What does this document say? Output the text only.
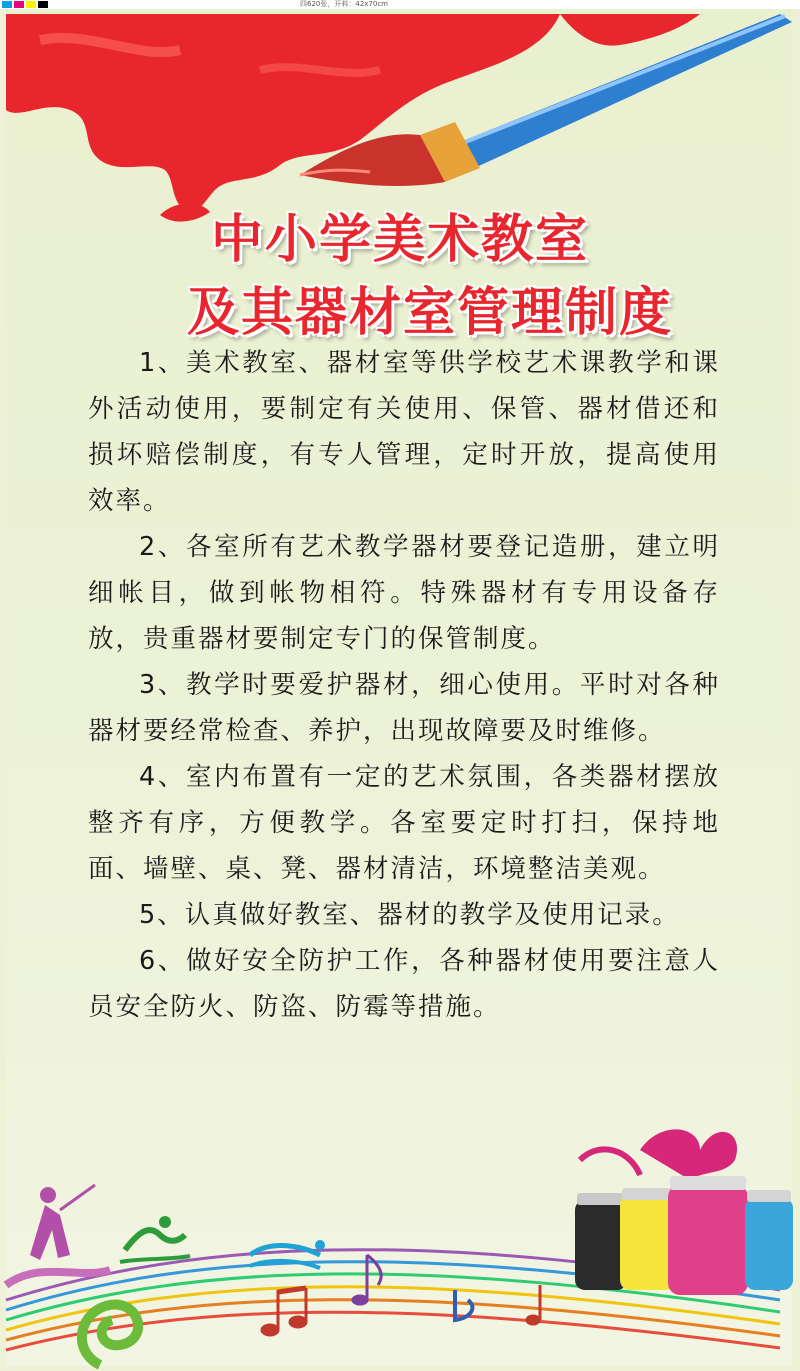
四620张，开料：42x70cm
中小学美术教室
及其器材室管理制度

1、美术教室、器材室等供学校艺术课教学和课外活动使用，要制定有关使用、保管、器材借还和损坏赔偿制度，有专人管理，定时开放，提高使用效率。

2、各室所有艺术教学器材要登记造册，建立明细帐目，做到帐物相符。特殊器材有专用设备存放，贵重器材要制定专门的保管制度。

3、教学时要爱护器材，细心使用。平时对各种器材要经常检查、养护，出现故障要及时维修。

4、室内布置有一定的艺术氛围，各类器材摆放整齐有序，方便教学。各室要定时打扫，保持地面、墙壁、桌、凳、器材清洁，环境整洁美观。

5、认真做好教室、器材的教学及使用记录。

6、做好安全防护工作，各种器材使用要注意人员安全防火、防盗、防霉等措施。
